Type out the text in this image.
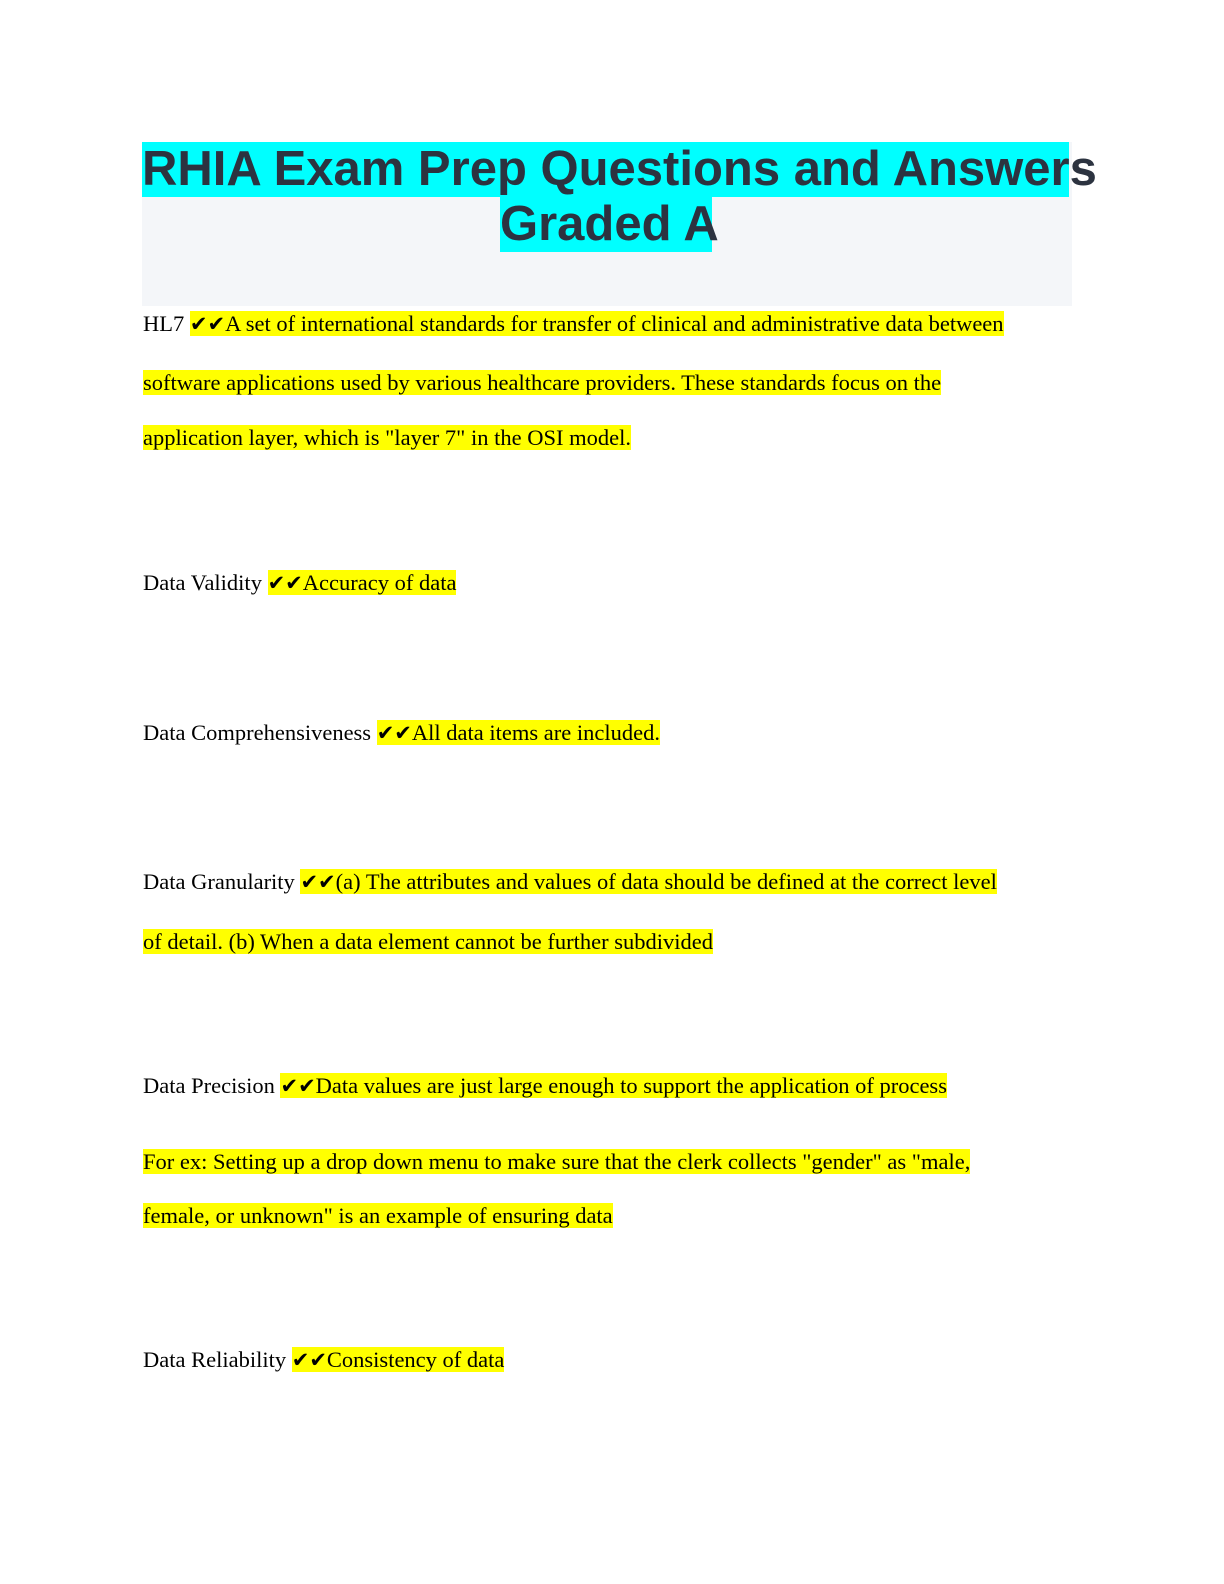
RHIA Exam Prep Questions and Answers
Graded A
HL7 ✔✔A set of international standards for transfer of clinical and administrative data between
software applications used by various healthcare providers. These standards focus on the
application layer, which is "layer 7" in the OSI model.
Data Validity ✔✔Accuracy of data
Data Comprehensiveness ✔✔All data items are included.
Data Granularity ✔✔(a) The attributes and values of data should be defined at the correct level
of detail. (b) When a data element cannot be further subdivided
Data Precision ✔✔Data values are just large enough to support the application of process
For ex: Setting up a drop down menu to make sure that the clerk collects "gender" as "male,
female, or unknown" is an example of ensuring data
Data Reliability ✔✔Consistency of data
